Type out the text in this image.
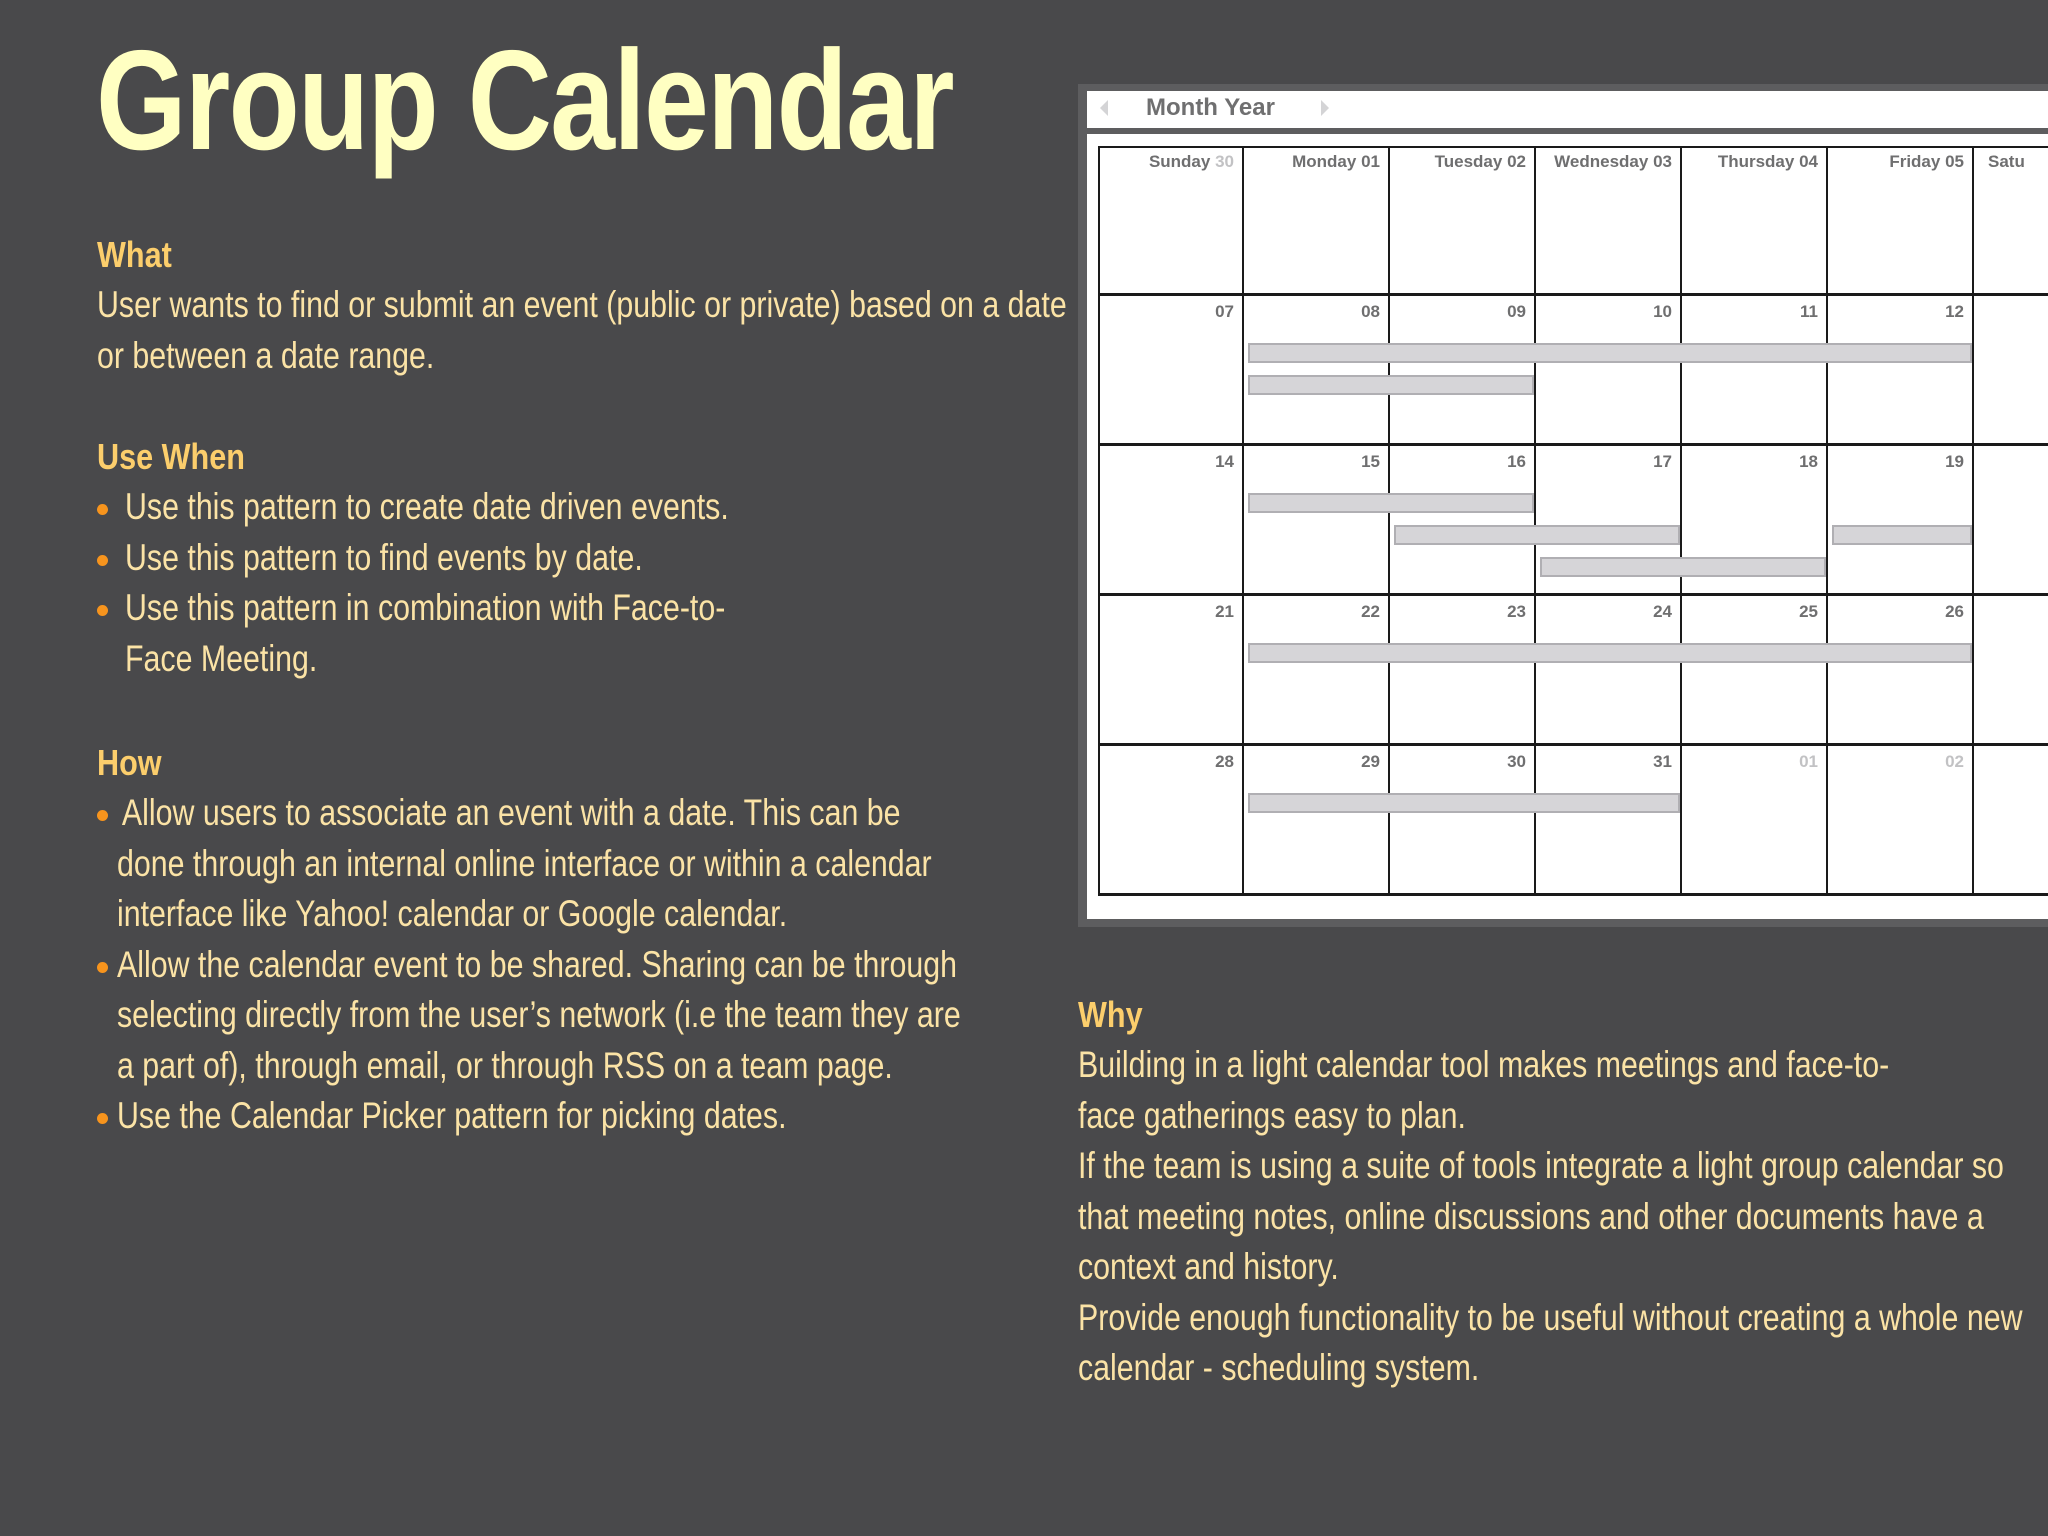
Group Calendar
What
User wants to find or submit an event (public or private) based on a date or between a date range.
Use When
Use this pattern to create date driven events.
Use this pattern to find events by date.
Use this pattern in combination with Face-to-Face Meeting.
How
Allow users to associate an event with a date. This can be done through an internal online interface or within a calendar interface like Yahoo! calendar or Google calendar.
Allow the calendar event to be shared. Sharing can be through selecting directly from the user’s network (i.e the team they are a part of), through email, or through RSS on a team page.
Use the Calendar Picker pattern for picking dates.
Why
Building in a light calendar tool makes meetings and face-to-face gatherings easy to plan.
If the team is using a suite of tools integrate a light group calendar so that meeting notes, online discussions and other documents have a context and history.
Provide enough functionality to be useful without creating a whole new calendar - scheduling system.
Month Year
Sunday 30	Monday 01	Tuesday 02 Wednesday 03	Thursday 04	Friday 05 Satu
07	08	09	10	11	12
14	15	16	17	18	19
21	22	23	24	25	26
28	29	30	31	01	02
